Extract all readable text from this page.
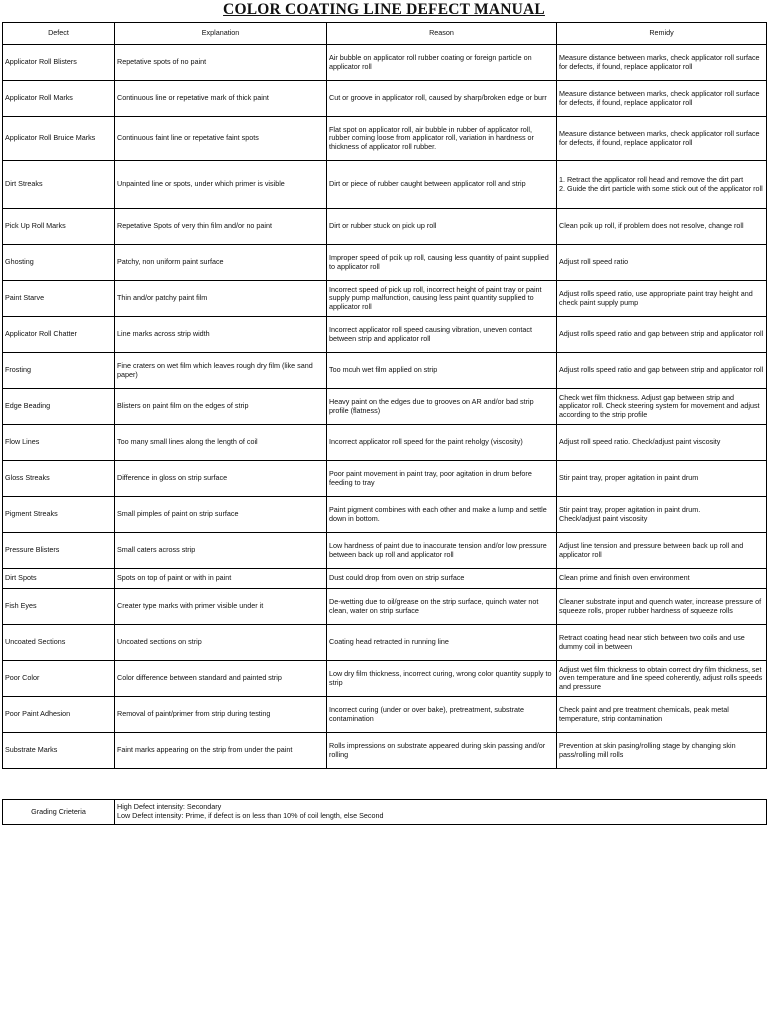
COLOR COATING LINE DEFECT MANUAL
Defect	Explanation	Reason	Remidy
Applicator Roll Blisters	Repetative spots of no paint	Air bubble on applicator roll rubber coating or foreign particle on applicator roll	Measure distance between marks, check applicator roll surface for defects, if found, replace applicator roll
Applicator Roll Marks	Continuous line or repetative mark of thick paint	Cut or groove in applicator roll, caused by sharp/broken edge or burr	Measure distance between marks, check applicator roll surface for defects, if found, replace applicator roll
Applicator Roll Bruice Marks	Continuous faint line or repetative faint spots	Flat spot on applicator roll, air bubble in rubber of applicator roll, rubber coming loose from applicator roll, variation in hardness or thickness of applicator roll rubber.	Measure distance between marks, check applicator roll surface for defects, if found, replace applicator roll
Dirt Streaks	Unpainted line or spots, under which primer is visible	Dirt or piece of rubber caught between applicator roll and strip	1. Retract the applicator roll head and remove the dirt part
2. Guide the dirt particle with some stick out of the applicator roll
Pick Up Roll Marks	Repetative Spots of very thin film and/or no paint	Dirt or rubber stuck on pick up roll	Clean pcik up roll, if problem does not resolve, change roll
Ghosting	Patchy, non uniform paint surface	Improper speed of pcik up roll, causing less quantity of paint supplied to applicator roll	Adjust roll speed ratio
Paint Starve	Thin and/or patchy paint film	Incorrect speed of pick up roll, incorrect height of paint tray or paint supply pump malfunction, causing less paint quantity supplied to applicator roll	Adjust rolls speed ratio, use appropriate paint tray height and check paint supply pump
Applicator Roll Chatter	Line marks across strip width	Incorrect applicator roll speed causing vibration, uneven contact between strip and applicator roll	Adjust rolls speed ratio and gap between strip and applicator roll
Frosting	Fine craters on wet film which leaves rough dry film (like sand paper)	Too mcuh wet film applied on strip	Adjust rolls speed ratio and gap between strip and applicator roll
Edge Beading	Blisters on paint film on the edges of strip	Heavy paint on the edges due to grooves on AR and/or bad strip profile (flatness)	Check wet film thickness. Adjust gap between strip and applicator roll. Check steering system for movement and adjust according to the strip profile
Flow Lines	Too many small lines along the length of coil	Incorrect applicator roll speed for the paint reholgy (viscosity)	Adjust roll speed ratio. Check/adjust paint viscosity
Gloss Streaks	Difference in gloss on strip surface	Poor paint movement in paint tray, poor agitation in drum before feeding to tray	Stir paint tray, proper agitation in paint drum
Pigment Streaks	Small pimples of paint on strip surface	Paint pigment combines with each other and make a lump and settle down in bottom.	Stir paint tray, proper agitation in paint drum.
Check/adjust paint viscosity
Pressure Blisters	Small caters across strip	Low hardness of paint due to inaccurate tension and/or low pressure between back up roll and applicator roll	Adjust line tension and pressure between back up roll and applicator roll
Dirt Spots	Spots on top of paint or with in paint	Dust could drop from oven on strip surface	Clean prime and finish oven environment
Fish Eyes	Creater type marks with primer visible under it	De-wetting due to oil/grease on the strip surface, quinch water not clean, water on strip surface	Cleaner substrate input and quench water, increase pressure of squeeze rolls, proper rubber hardness of squeeze rolls
Uncoated Sections	Uncoated sections on strip	Coating head retracted in running line	Retract coating head near stich between two coils and use dummy coil in between
Poor Color	Color difference between standard and painted strip	Low dry film thickness, incorrect curing, wrong color quantity supply to strip	Adjust wet film thickness to obtain correct dry film thickness, set oven temperature and line speed coherently, adjust rolls speeds and pressure
Poor Paint Adhesion	Removal of paint/primer from strip during testing	Incorrect curing (under or over bake), pretreatment, substrate contamination	Check paint and pre treatment chemicals, peak metal temperature, strip contamination
Substrate Marks	Faint marks appearing on the strip from under the paint	Rolls impressions on substrate appeared during skin passing and/or rolling	Prevention at skin pasing/rolling stage by changing skin pass/rolling mill rolls
Grading Crieteria	High Defect intensity: Secondary
Low Defect intensity: Prime, if defect is on less than 10% of coil length, else Second
